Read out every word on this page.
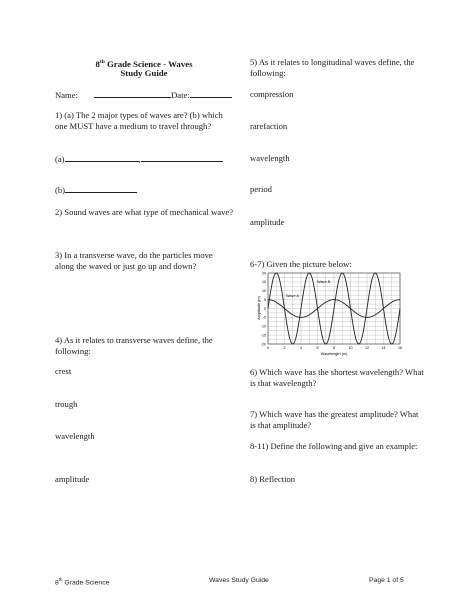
8th Grade Science - Waves
Study Guide
Name:	Date:
1) (a) The 2 major types of waves are? (b) which one MUST have a medium to travel through?
(a)	,
(b)
2) Sound waves are what type of mechanical wave?
3) In a transverse wave, do the particles move along the waved or just go up and down?
4) As it relates to transverse waves define, the following:
crest
trough
wavelength
amplitude
5) As it relates to longitudinal waves define, the following:
compression
rarefaction
wavelength
period
amplitude
6-7) Given the picture below:
Amplitude (m)
Wavelength (m)
20
15
10
5
0
-5
-10
-15
-20
0	2	4	6	8	10	12	14	16
Wave A
Wave B
6) Which wave has the shortest wavelength? What is that wavelength?
7) Which wave has the greatest amplitude? What is that amplitude?
8-11) Define the following and give an example:
8) Reflection
8th Grade Science	Waves Study Guide	Page 1 of 5
